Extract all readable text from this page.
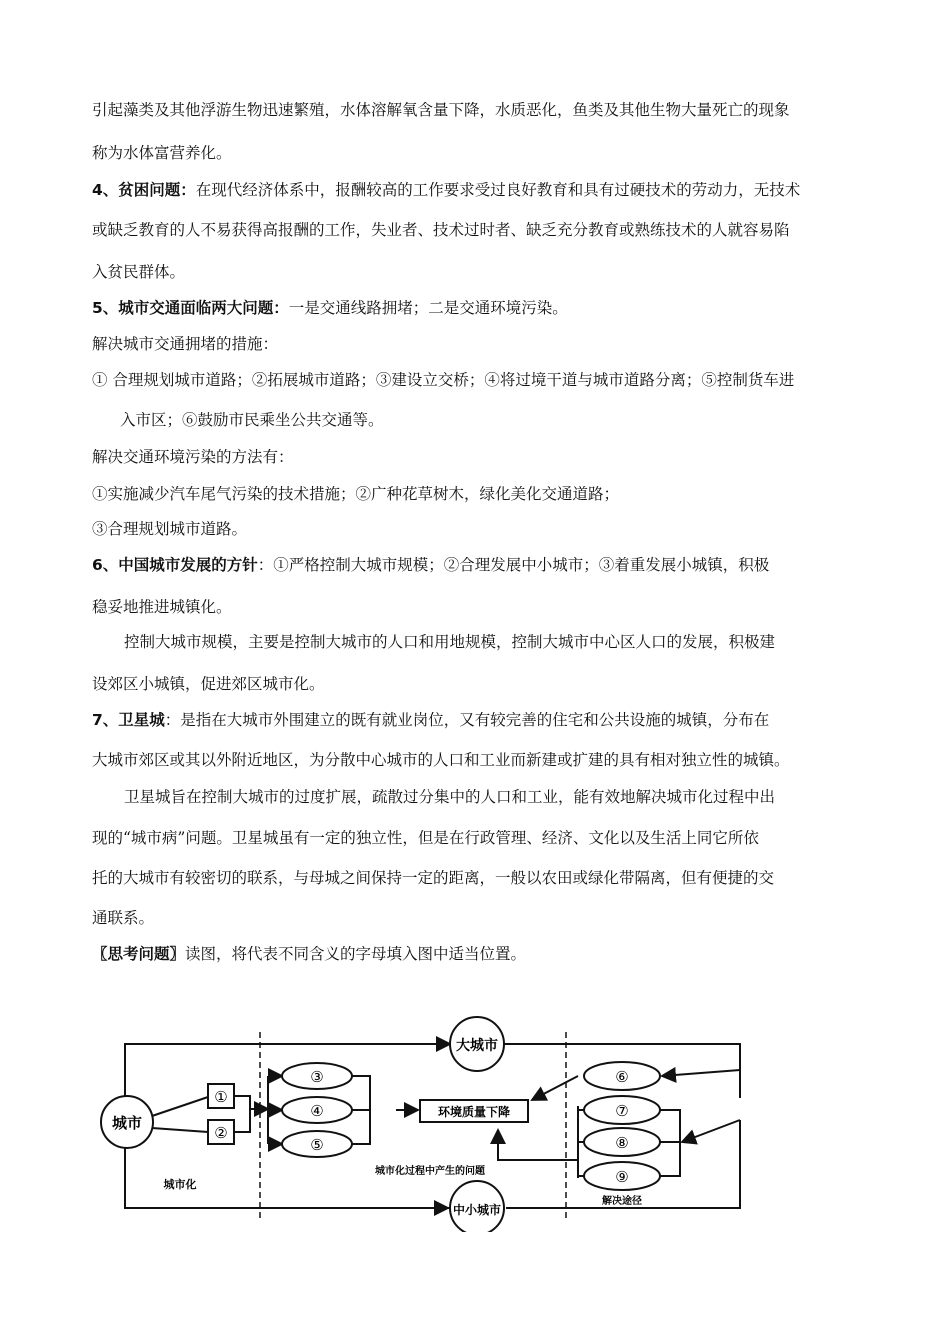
引起藻类及其他浮游生物迅速繁殖，水体溶解氧含量下降，水质恶化，鱼类及其他生物大量死亡的现象
称为水体富营养化。
4、贫困问题：在现代经济体系中，报酬较高的工作要求受过良好教育和具有过硬技术的劳动力，无技术
或缺乏教育的人不易获得高报酬的工作，失业者、技术过时者、缺乏充分教育或熟练技术的人就容易陷
入贫民群体。
5、城市交通面临两大问题：一是交通线路拥堵；二是交通环境污染。
解决城市交通拥堵的措施：
① 合理规划城市道路；②拓展城市道路；③建设立交桥；④将过境干道与城市道路分离；⑤控制货车进
入市区；⑥鼓励市民乘坐公共交通等。
解决交通环境污染的方法有：
①实施减少汽车尾气污染的技术措施；②广种花草树木，绿化美化交通道路；
③合理规划城市道路。
6、中国城市发展的方针：①严格控制大城市规模；②合理发展中小城市；③着重发展小城镇，积极
稳妥地推进城镇化。
控制大城市规模，主要是控制大城市的人口和用地规模，控制大城市中心区人口的发展，积极建
设郊区小城镇，促进郊区城市化。
7、卫星城：是指在大城市外围建立的既有就业岗位，又有较完善的住宅和公共设施的城镇，分布在
大城市郊区或其以外附近地区，为分散中心城市的人口和工业而新建或扩建的具有相对独立性的城镇。
卫星城旨在控制大城市的过度扩展，疏散过分集中的人口和工业，能有效地解决城市化过程中出
现的“城市病”问题。卫星城虽有一定的独立性，但是在行政管理、经济、文化以及生活上同它所依
托的大城市有较密切的联系，与母城之间保持一定的距离，一般以农田或绿化带隔离，但有便捷的交
通联系。
〖思考问题〗读图，将代表不同含义的字母填入图中适当位置。
城市
大城市
中小城市
①
②
③
④
⑤
环境质量下降
⑥
⑦
⑧
⑨
城市化
城市化过程中产生的问题
解决途径
